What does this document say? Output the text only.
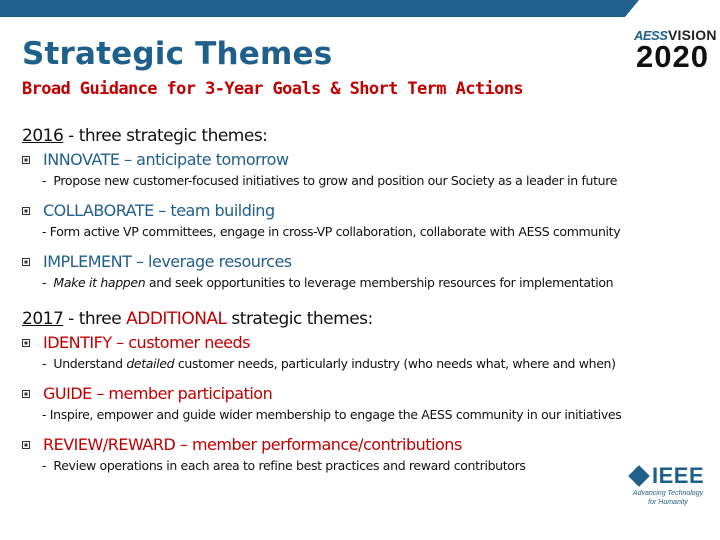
Strategic Themes
Broad Guidance for 3-Year Goals & Short Term Actions
AESS VISION
2020
2016 - three strategic themes:
INNOVATE – anticipate tomorrow
-  Propose new customer-focused initiatives to grow and position our Society as a leader in future
COLLABORATE – team building
- Form active VP committees, engage in cross-VP collaboration, collaborate with AESS community
IMPLEMENT – leverage resources
-  Make it happen and seek opportunities to leverage membership resources for implementation
2017 - three ADDITIONAL strategic themes:
IDENTIFY – customer needs
-  Understand detailed customer needs, particularly industry (who needs what, where and when)
GUIDE – member participation
- Inspire, empower and guide wider membership to engage the AESS community in our initiatives
REVIEW/REWARD – member performance/contributions
-  Review operations in each area to refine best practices and reward contributors	IEEE
Advancing Technology
for Humanity
